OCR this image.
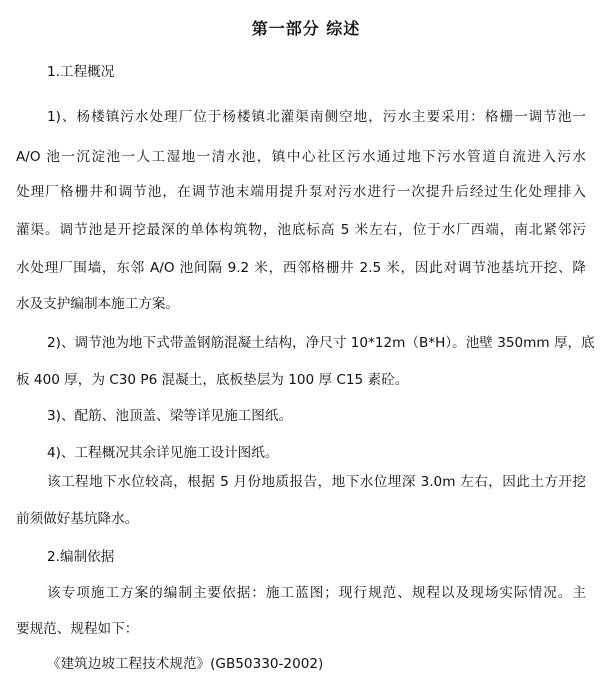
第一部分 综述
1.工程概况
1)、杨楼镇污水处理厂位于杨楼镇北灌渠南侧空地，污水主要采用：格栅一调节池一
A/O 池一沉淀池一人工湿地一清水池，镇中心社区污水通过地下污水管道自流进入污水
处理厂格栅井和调节池，在调节池末端用提升泵对污水进行一次提升后经过生化处理排入
灌渠。调节池是开挖最深的单体构筑物，池底标高 5 米左右，位于水厂西端，南北紧邻污
水处理厂围墙，东邻 A/O 池间隔 9.2 米，西邻格栅井 2.5 米，因此对调节池基坑开挖、降
水及支护编制本施工方案。
2)、调节池为地下式带盖钢筋混凝土结构，净尺寸 10*12m（B*H）。池壁 350mm 厚，底
板 400 厚，为 C30 P6 混凝土，底板垫层为 100 厚 C15 素砼。
3)、配筋、池顶盖、梁等详见施工图纸。
4)、工程概况其余详见施工设计图纸。
该工程地下水位较高，根据 5 月份地质报告，地下水位埋深 3.0m 左右，因此土方开挖
前须做好基坑降水。
2.编制依据
该专项施工方案的编制主要依据：施工蓝图；现行规范、规程以及现场实际情况。主
要规范、规程如下：
《建筑边坡工程技术规范》(GB50330-2002)
